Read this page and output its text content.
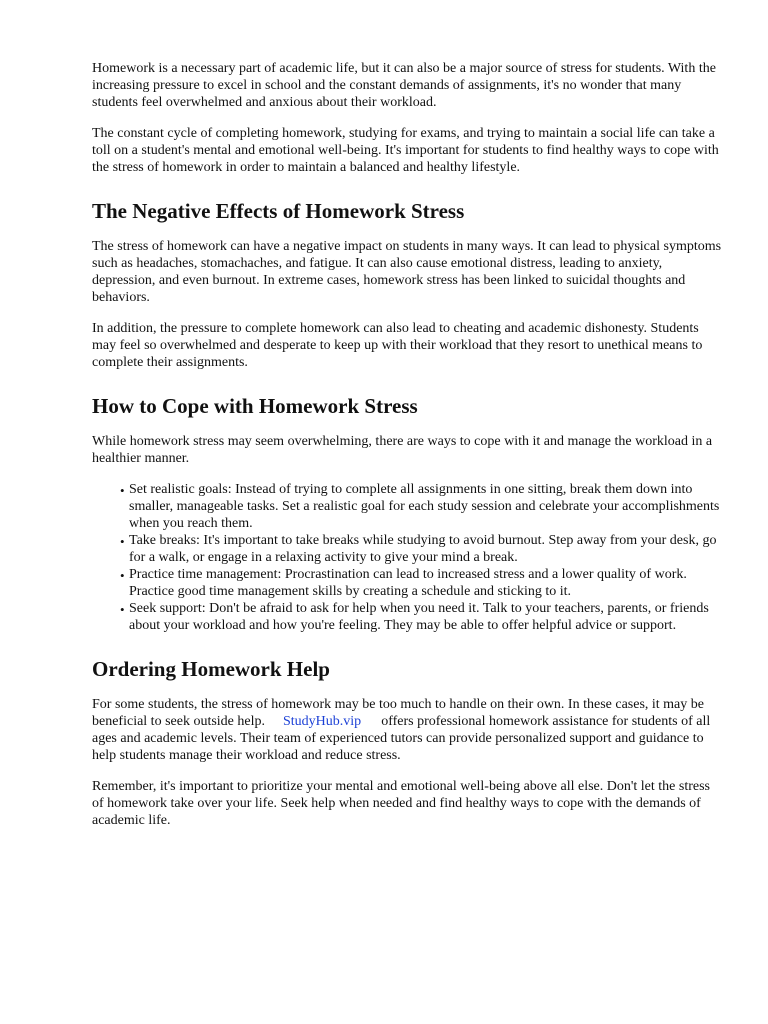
Homework is a necessary part of academic life, but it can also be a major source of stress for students. With the increasing pressure to excel in school and the constant demands of assignments, it's no wonder that many students feel overwhelmed and anxious about their workload.

The constant cycle of completing homework, studying for exams, and trying to maintain a social life can take a toll on a student's mental and emotional well-being. It's important for students to find healthy ways to cope with the stress of homework in order to maintain a balanced and healthy lifestyle.

The Negative Effects of Homework Stress

The stress of homework can have a negative impact on students in many ways. It can lead to physical symptoms such as headaches, stomachaches, and fatigue. It can also cause emotional distress, leading to anxiety, depression, and even burnout. In extreme cases, homework stress has been linked to suicidal thoughts and behaviors.

In addition, the pressure to complete homework can also lead to cheating and academic dishonesty. Students may feel so overwhelmed and desperate to keep up with their workload that they resort to unethical means to complete their assignments.

How to Cope with Homework Stress

While homework stress may seem overwhelming, there are ways to cope with it and manage the workload in a healthier manner.

• Set realistic goals: Instead of trying to complete all assignments in one sitting, break them down into smaller, manageable tasks. Set a realistic goal for each study session and celebrate your accomplishments when you reach them.
• Take breaks: It's important to take breaks while studying to avoid burnout. Step away from your desk, go for a walk, or engage in a relaxing activity to give your mind a break.
• Practice time management: Procrastination can lead to increased stress and a lower quality of work. Practice good time management skills by creating a schedule and sticking to it.
• Seek support: Don't be afraid to ask for help when you need it. Talk to your teachers, parents, or friends about your workload and how you're feeling. They may be able to offer helpful advice or support.
Ordering Homework Help

For some students, the stress of homework may be too much to handle on their own. In these cases, it may be beneficial to seek outside help. StudyHub.vip offers professional homework assistance for students of all ages and academic levels. Their team of experienced tutors can provide personalized support and guidance to help students manage their workload and reduce stress.

Remember, it's important to prioritize your mental and emotional well-being above all else. Don't let the stress of homework take over your life. Seek help when needed and find healthy ways to cope with the demands of academic life.
